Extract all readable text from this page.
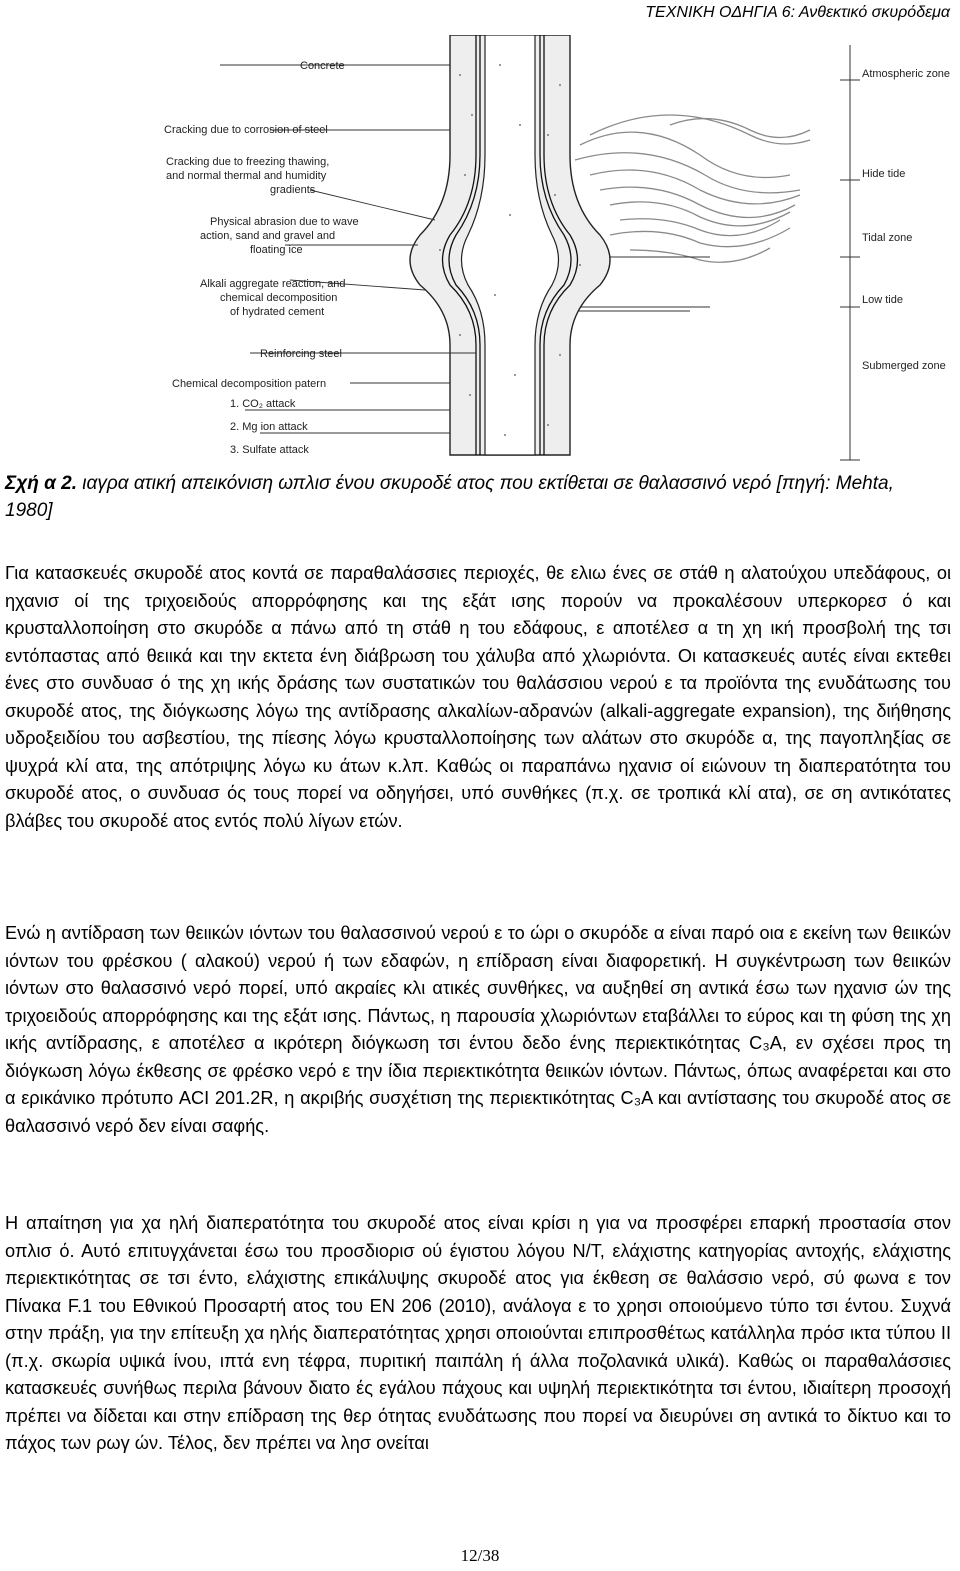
ΤΕΧΝΙΚΗ ΟΔΗΓΙΑ 6: Ανθεκτικό σκυρόδεμα
Concrete
Cracking due to corrosion of steel
Cracking due to freezing thawing,
and normal thermal and humidity
gradients
Physical abrasion due to wave
action, sand and gravel and
floating ice
Alkali aggregate reaction, and
chemical decomposition
of hydrated cement
Reinforcing steel
Chemical decomposition patern
1. CO₂ attack
2. Mg ion attack
3. Sulfate attack
Atmospheric zone
Hide tide
Tidal zone
Low tide
Submerged zone
Σχή α 2. ιαγρα ατική απεικόνιση ωπλισ ένου σκυροδέ ατος που εκτίθεται σε θαλασσινό νερό [πηγή: Mehta, 1980]
Για κατασκευές σκυροδέ ατος κοντά σε παραθαλάσσιες περιοχές, θε ελιω ένες σε στάθ η αλατούχου υπεδάφους, οι ηχανισ οί της τριχοειδούς απορρόφησης και της εξάτ ισης πορούν να προκαλέσουν υπερκορεσ ό και κρυσταλλοποίηση στο σκυρόδε α πάνω από τη στάθ η του εδάφους, ε αποτέλεσ α τη χη ική προσβολή της τσι εντόπαστας από θειικά και την εκτετα ένη διάβρωση του χάλυβα από χλωριόντα. Οι κατασκευές αυτές είναι εκτεθει ένες στο συνδυασ ό της χη ικής δράσης των συστατικών του θαλάσσιου νερού ε τα προϊόντα της ενυδάτωσης του σκυροδέ ατος, της διόγκωσης λόγω της αντίδρασης αλκαλίων-αδρανών (alkali-aggregate expansion), της διήθησης υδροξειδίου του ασβεστίου, της πίεσης λόγω κρυσταλλοποίησης των αλάτων στο σκυρόδε α, της παγοπληξίας σε ψυχρά κλί ατα, της απότριψης λόγω κυ άτων κ.λπ. Καθώς οι παραπάνω ηχανισ οί ειώνουν τη διαπερατότητα του σκυροδέ ατος, ο συνδυασ ός τους πορεί να οδηγήσει, υπό συνθήκες (π.χ. σε τροπικά κλί ατα), σε ση αντικότατες βλάβες του σκυροδέ ατος εντός πολύ λίγων ετών.
Ενώ η αντίδραση των θειικών ιόντων του θαλασσινού νερού ε το ώρι ο σκυρόδε α είναι παρό οια ε εκείνη των θειικών ιόντων του φρέσκου ( αλακού) νερού ή των εδαφών, η επίδραση είναι διαφορετική. Η συγκέντρωση των θειικών ιόντων στο θαλασσινό νερό πορεί, υπό ακραίες κλι ατικές συνθήκες, να αυξηθεί ση αντικά έσω των ηχανισ ών της τριχοειδούς απορρόφησης και της εξάτ ισης. Πάντως, η παρουσία χλωριόντων εταβάλλει το εύρος και τη φύση της χη ικής αντίδρασης, ε αποτέλεσ α ικρότερη διόγκωση τσι έντου δεδο ένης περιεκτικότητας C₃A, εν σχέσει προς τη διόγκωση λόγω έκθεσης σε φρέσκο νερό ε την ίδια περιεκτικότητα θειικών ιόντων. Πάντως, όπως αναφέρεται και στο α ερικάνικο πρότυπο ACI 201.2R, η ακριβής συσχέτιση της περιεκτικότητας C₃A και αντίστασης του σκυροδέ ατος σε θαλασσινό νερό δεν είναι σαφής.
Η απαίτηση για χα ηλή διαπερατότητα του σκυροδέ ατος είναι κρίσι η για να προσφέρει επαρκή προστασία στον οπλισ ό. Αυτό επιτυγχάνεται έσω του προσδιορισ ού έγιστου λόγου Ν/Τ, ελάχιστης κατηγορίας αντοχής, ελάχιστης περιεκτικότητας σε τσι έντο, ελάχιστης επικάλυψης σκυροδέ ατος για έκθεση σε θαλάσσιο νερό, σύ φωνα ε τον Πίνακα F.1 του Εθνικού Προσαρτή ατος του ΕΝ 206 (2010), ανάλογα ε το χρησι οποιούμενο τύπο τσι έντου. Συχνά στην πράξη, για την επίτευξη χα ηλής διαπερατότητας χρησι οποιούνται επιπροσθέτως κατάλληλα πρόσ ικτα τύπου II (π.χ. σκωρία υψικά ίνου, ιπτά ενη τέφρα, πυριτική παιπάλη ή άλλα ποζολανικά υλικά). Καθώς οι παραθαλάσσιες κατασκευές συνήθως περιλα βάνουν διατο ές εγάλου πάχους και υψηλή περιεκτικότητα τσι έντου, ιδιαίτερη προσοχή πρέπει να δίδεται και στην επίδραση της θερ ότητας ενυδάτωσης που πορεί να διευρύνει ση αντικά το δίκτυο και το πάχος των ρωγ ών. Τέλος, δεν πρέπει να λησ ονείται
12/38
